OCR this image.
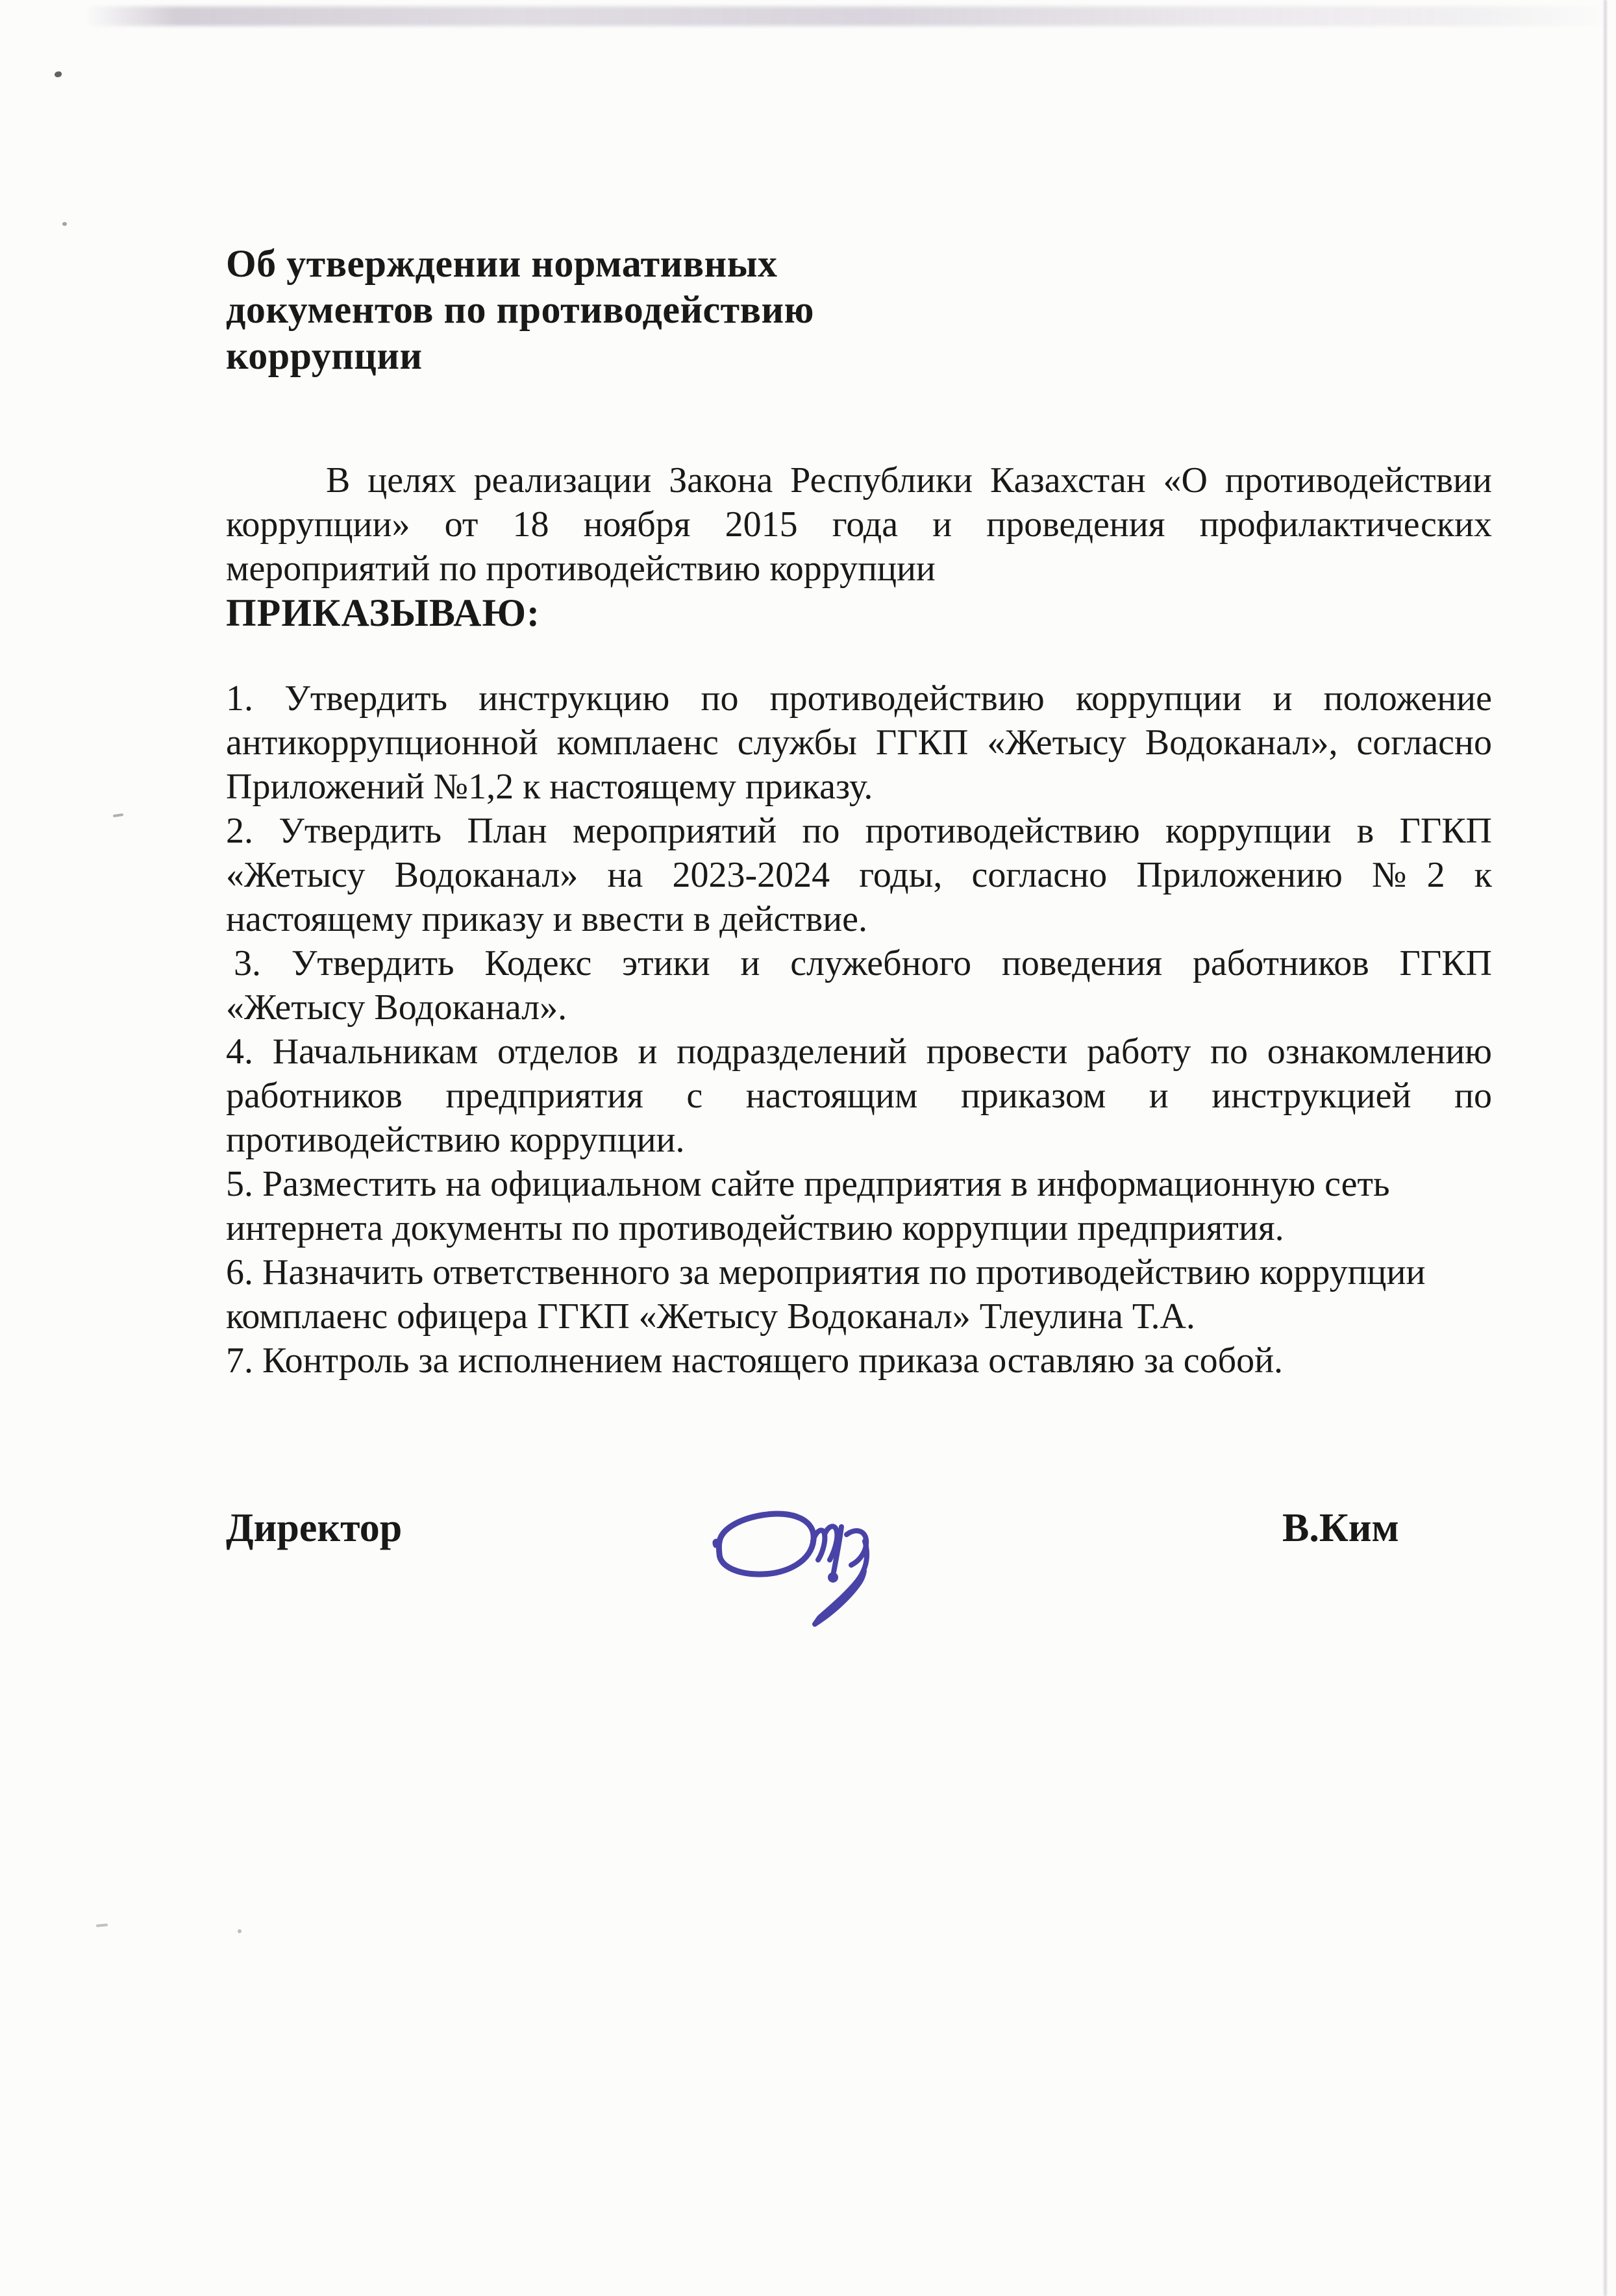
Об утверждении нормативных
документов по противодействию
коррупции
В целях реализации Закона Республики Казахстан «О противодействии
коррупции» от 18 ноября 2015 года и проведения профилактических
мероприятий по противодействию коррупции
ПРИКАЗЫВАЮ:
1. Утвердить инструкцию по противодействию коррупции и положение
антикоррупционной комплаенс службы ГГКП «Жетысу Водоканал», согласно
Приложений №1,2 к настоящему приказу.
2. Утвердить План мероприятий по противодействию коррупции в ГГКП
«Жетысу Водоканал» на 2023-2024 годы, согласно Приложению №2 к
настоящему приказу и ввести в действие.
3. Утвердить Кодекс этики и служебного поведения работников ГГКП
«Жетысу Водоканал».
4. Начальникам отделов и подразделений провести работу по ознакомлению
работников предприятия с настоящим приказом и инструкцией по
противодействию коррупции.
5. Разместить на официальном сайте предприятия в информационную сеть
интернета документы по противодействию коррупции предприятия.
6. Назначить ответственного за мероприятия по противодействию коррупции
комплаенс офицера ГГКП «Жетысу Водоканал» Тлеулина Т.А.
7. Контроль за исполнением настоящего приказа оставляю за собой.
Директор	В.Ким
